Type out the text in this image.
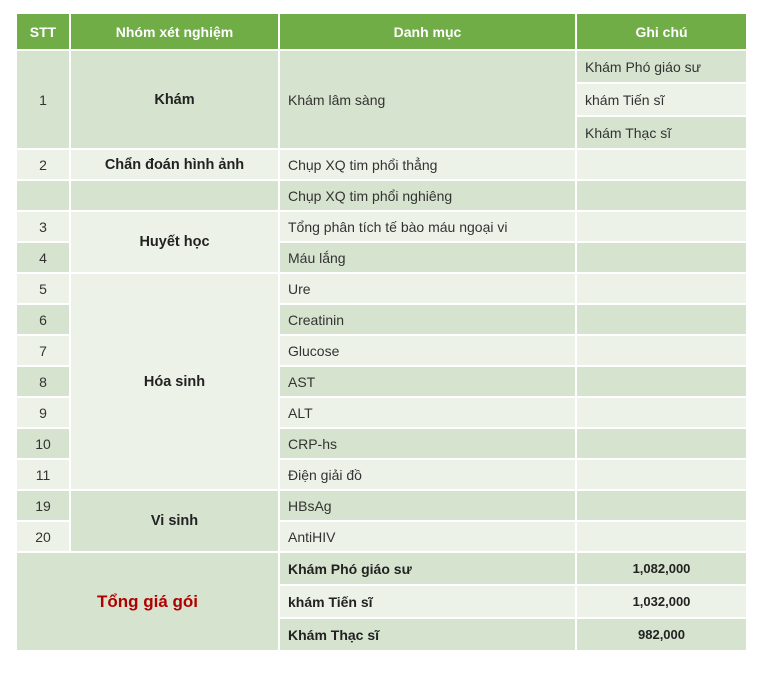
STT	Nhóm xét nghiệm	Danh mục	Ghi chú
1	Khám	Khám lâm sàng	Khám Phó giáo sư
			khám Tiến sĩ
			Khám Thạc sĩ
2	Chẩn đoán hình ảnh	Chụp XQ tim phổi thẳng	
		Chụp XQ tim phổi nghiêng	
3	Huyết học	Tổng phân tích tế bào máu ngoại vi	
4		Máu lắng	
5	Hóa sinh	Ure	
6		Creatinin	
7		Glucose	
8		AST	
9		ALT	
10		CRP-hs	
11		Điện giải đồ	
19	Vi sinh	HBsAg	
20		AntiHIV	
Tổng giá gói		Khám Phó giáo sư	1,082,000
		khám Tiến sĩ	1,032,000
		Khám Thạc sĩ	982,000
